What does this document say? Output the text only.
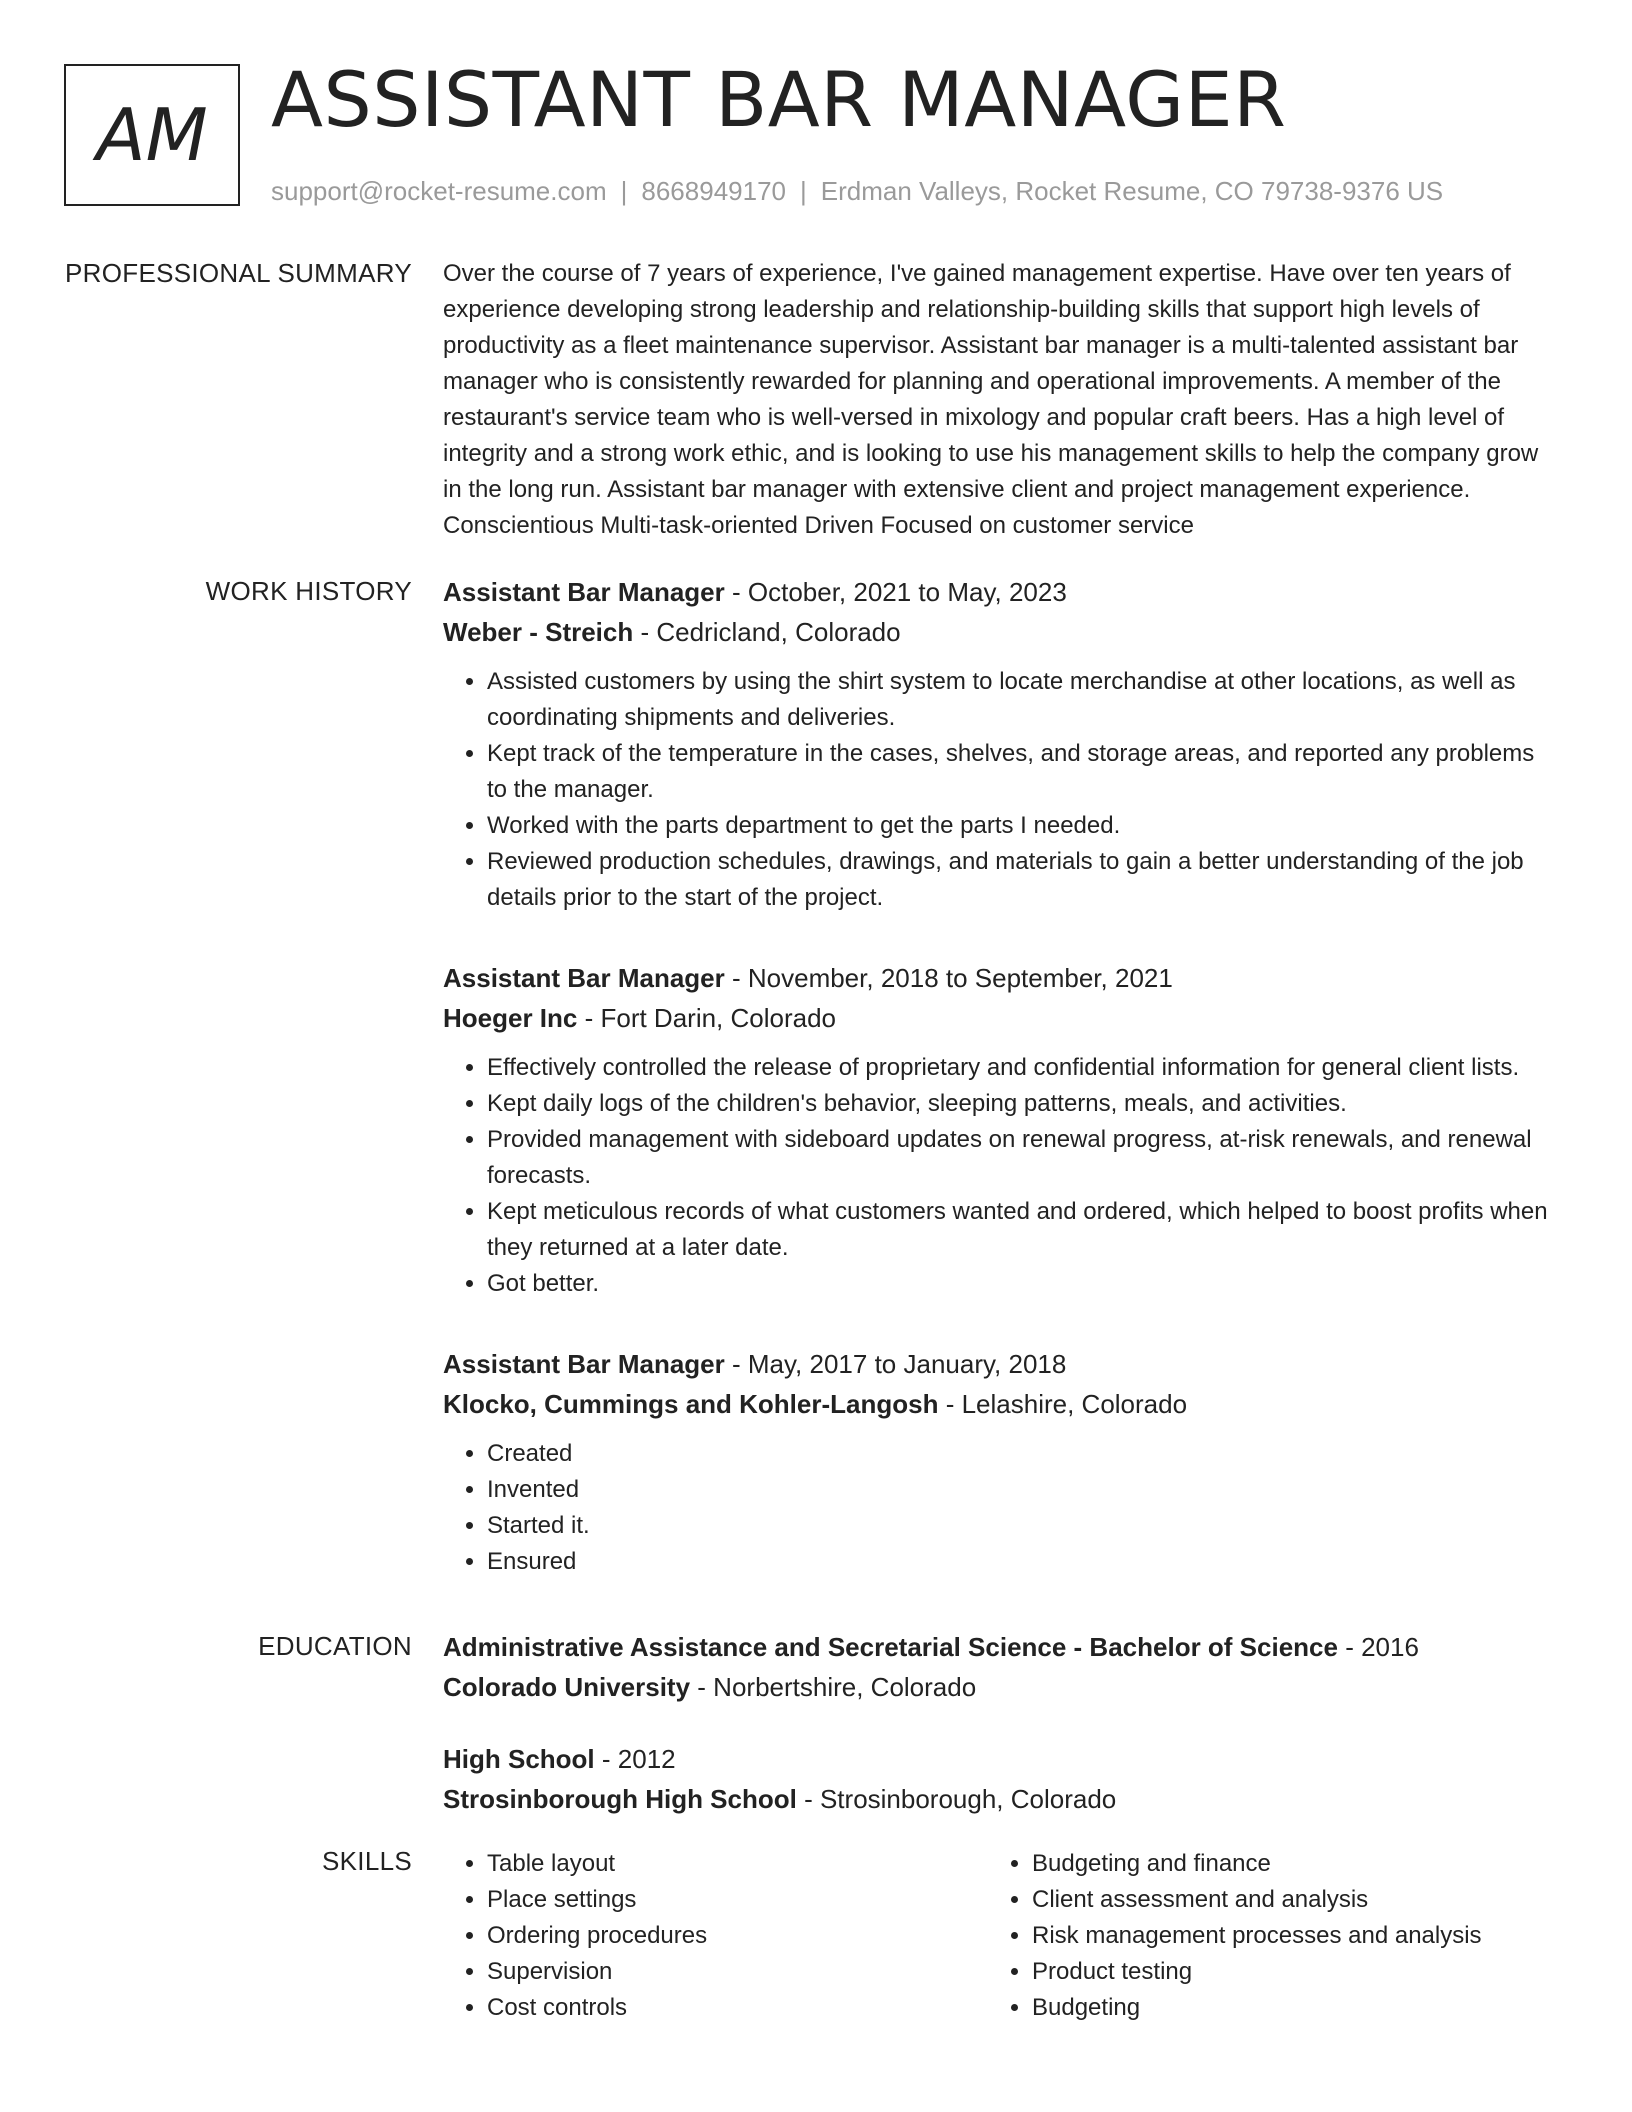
AM ASSISTANT BAR MANAGER
support@rocket-resume.com | 8668949170 | Erdman Valleys, Rocket Resume, CO 79738-9376 US
PROFESSIONAL SUMMARY Over the course of 7 years of experience, I've gained management expertise. Have over ten years of experience developing strong leadership and relationship-building skills that support high levels of productivity as a fleet maintenance supervisor. Assistant bar manager is a multi-talented assistant bar manager who is consistently rewarded for planning and operational improvements. A member of the restaurant's service team who is well-versed in mixology and popular craft beers. Has a high level of integrity and a strong work ethic, and is looking to use his management skills to help the company grow in the long run. Assistant bar manager with extensive client and project management experience. Conscientious Multi-task-oriented Driven Focused on customer service

WORK HISTORY Assistant Bar Manager - October, 2021 to May, 2023
Weber - Streich - Cedricland, Colorado
• Assisted customers by using the shirt system to locate merchandise at other locations, as well as coordinating shipments and deliveries.
• Kept track of the temperature in the cases, shelves, and storage areas, and reported any problems to the manager.
• Worked with the parts department to get the parts I needed.
• Reviewed production schedules, drawings, and materials to gain a better understanding of the job details prior to the start of the project.
Assistant Bar Manager - November, 2018 to September, 2021
Hoeger Inc - Fort Darin, Colorado
• Effectively controlled the release of proprietary and confidential information for general client lists.
• Kept daily logs of the children's behavior, sleeping patterns, meals, and activities.
• Provided management with sideboard updates on renewal progress, at-risk renewals, and renewal forecasts.
• Kept meticulous records of what customers wanted and ordered, which helped to boost profits when they returned at a later date.
• Got better.
Assistant Bar Manager - May, 2017 to January, 2018
Klocko, Cummings and Kohler-Langosh - Lelashire, Colorado
• Created
• Invented
• Started it.
• Ensured
EDUCATION Administrative Assistance and Secretarial Science - Bachelor of Science - 2016
Colorado University - Norbertshire, Colorado
High School - 2012
Strosinborough High School - Strosinborough, Colorado
SKILLS
•	Table layout
• Place settings
• Ordering procedures
• Supervision
• Cost controls
• Budgeting and finance
• Client assessment and analysis
• Risk management processes and analysis
• Product testing
• Budgeting
